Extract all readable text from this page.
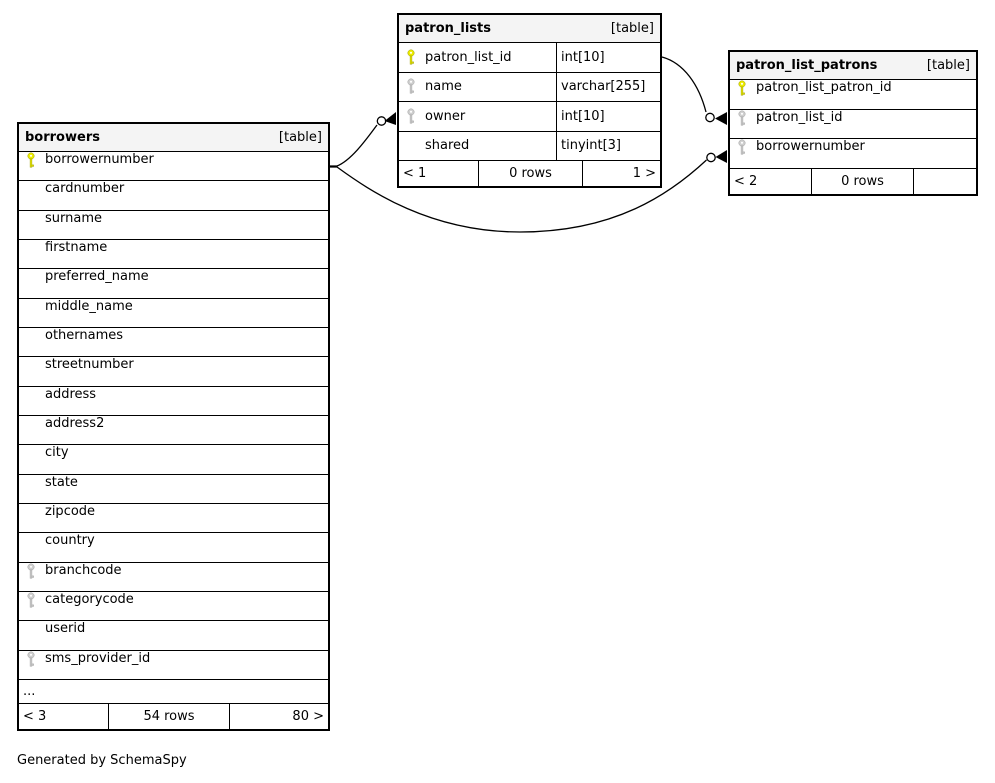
borrowers	[table]
borrowernumber
cardnumber
surname
firstname
preferred_name
middle_name
othernames
streetnumber
address
address2
city
state
zipcode
country
branchcode
categorycode
userid
sms_provider_id
...
< 3	54 rows	80 >
patron_lists	[table]
patron_list_id	int[10]
name	varchar[255]
owner	int[10]
shared	tinyint[3]
< 1	0 rows	1 >
patron_list_patrons	[table]
patron_list_patron_id
patron_list_id
borrowernumber
< 2	0 rows
Generated by SchemaSpy
